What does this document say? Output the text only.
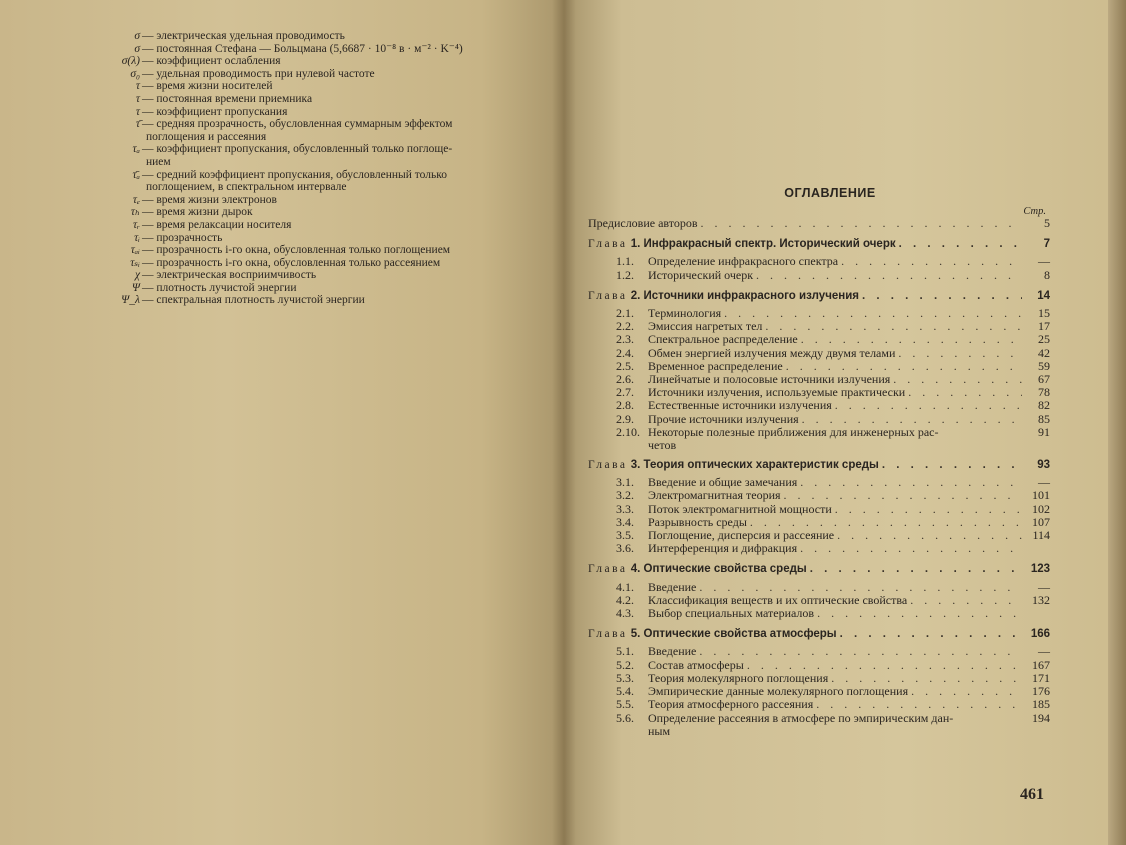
σ — электрическая удельная проводимость
σ — постоянная Стефана — Больцмана (5,6687 · 10⁻⁸ в · м⁻² · K⁻⁴)
σ(λ) — коэффициент ослабления
σ₀ — удельная проводимость при нулевой частоте
τ — время жизни носителей
τ — постоянная времени приемника
τ — коэффициент пропускания
τ̄ — средняя прозрачность, обусловленная суммарным эффектом
поглощения и рассеяния
τₐ — коэффициент пропускания, обусловленный только поглоще-
нием
τ̄ₐ — средний коэффициент пропускания, обусловленный только
поглощением, в спектральном интервале
τₑ — время жизни электронов
τₕ — время жизни дырок
τᵣ — время релаксации носителя
τᵢ — прозрачность
τₐᵢ — прозрачность i-го окна, обусловленная только поглощением
τₛᵢ — прозрачность i-го окна, обусловленная только рассеянием
χ — электрическая восприимчивость
Ψ — плотность лучистой энергии
Ψ_λ — спектральная плотность лучистой энергии
ОГЛАВЛЕНИЕ
Стр.
Предисловие авторов . . .	5
Глава 1. Инфракрасный спектр. Исторический очерк . . .	7
1.1. Определение инфракрасного спектра . . .	—
1.2. Исторический очерк . . .	8
Глава 2. Источники инфракрасного излучения . . .	14
2.1. Терминология . . .	15
2.2. Эмиссия нагретых тел . . .	17
2.3. Спектральное распределение . . .	25
2.4. Обмен энергией излучения между двумя телами . . .	42
2.5. Временное распределение . . .	59
2.6. Линейчатые и полосовые источники излучения . . .	67
2.7. Источники излучения, используемые практически . . .	78
2.8. Естественные источники излучения . . .	82
2.9. Прочие источники излучения . . .	85
2.10. Некоторые полезные приближения для инженерных рас-	91
четов
Глава 3. Теория оптических характеристик среды . . .	93
3.1. Введение и общие замечания . . .	—
3.2. Электромагнитная теория . . .	101
3.3. Поток электромагнитной мощности . . .	102
3.4. Разрывность среды . . .	107
3.5. Поглощение, дисперсия и рассеяние . . .	114
3.6. Интерференция и дифракция
. . .
Глава 4. Оптические свойства среды . . .	123
4.1. Введение . . .	—
4.2. Классификация веществ и их оптические свойства . . .	132
4.3. Выбор специальных материалов
. . .
Глава 5. Оптические свойства атмосферы . . .	166
5.1. Введение . . .	—
5.2. Состав атмосферы . . .	167
5.3. Теория молекулярного поглощения . . .	171
5.4. Эмпирические данные молекулярного поглощения . . .	176
5.5. Теория атмосферного рассеяния . . .	185
5.6. Определение рассеяния в атмосфере по эмпирическим дан-	194
ным
461
